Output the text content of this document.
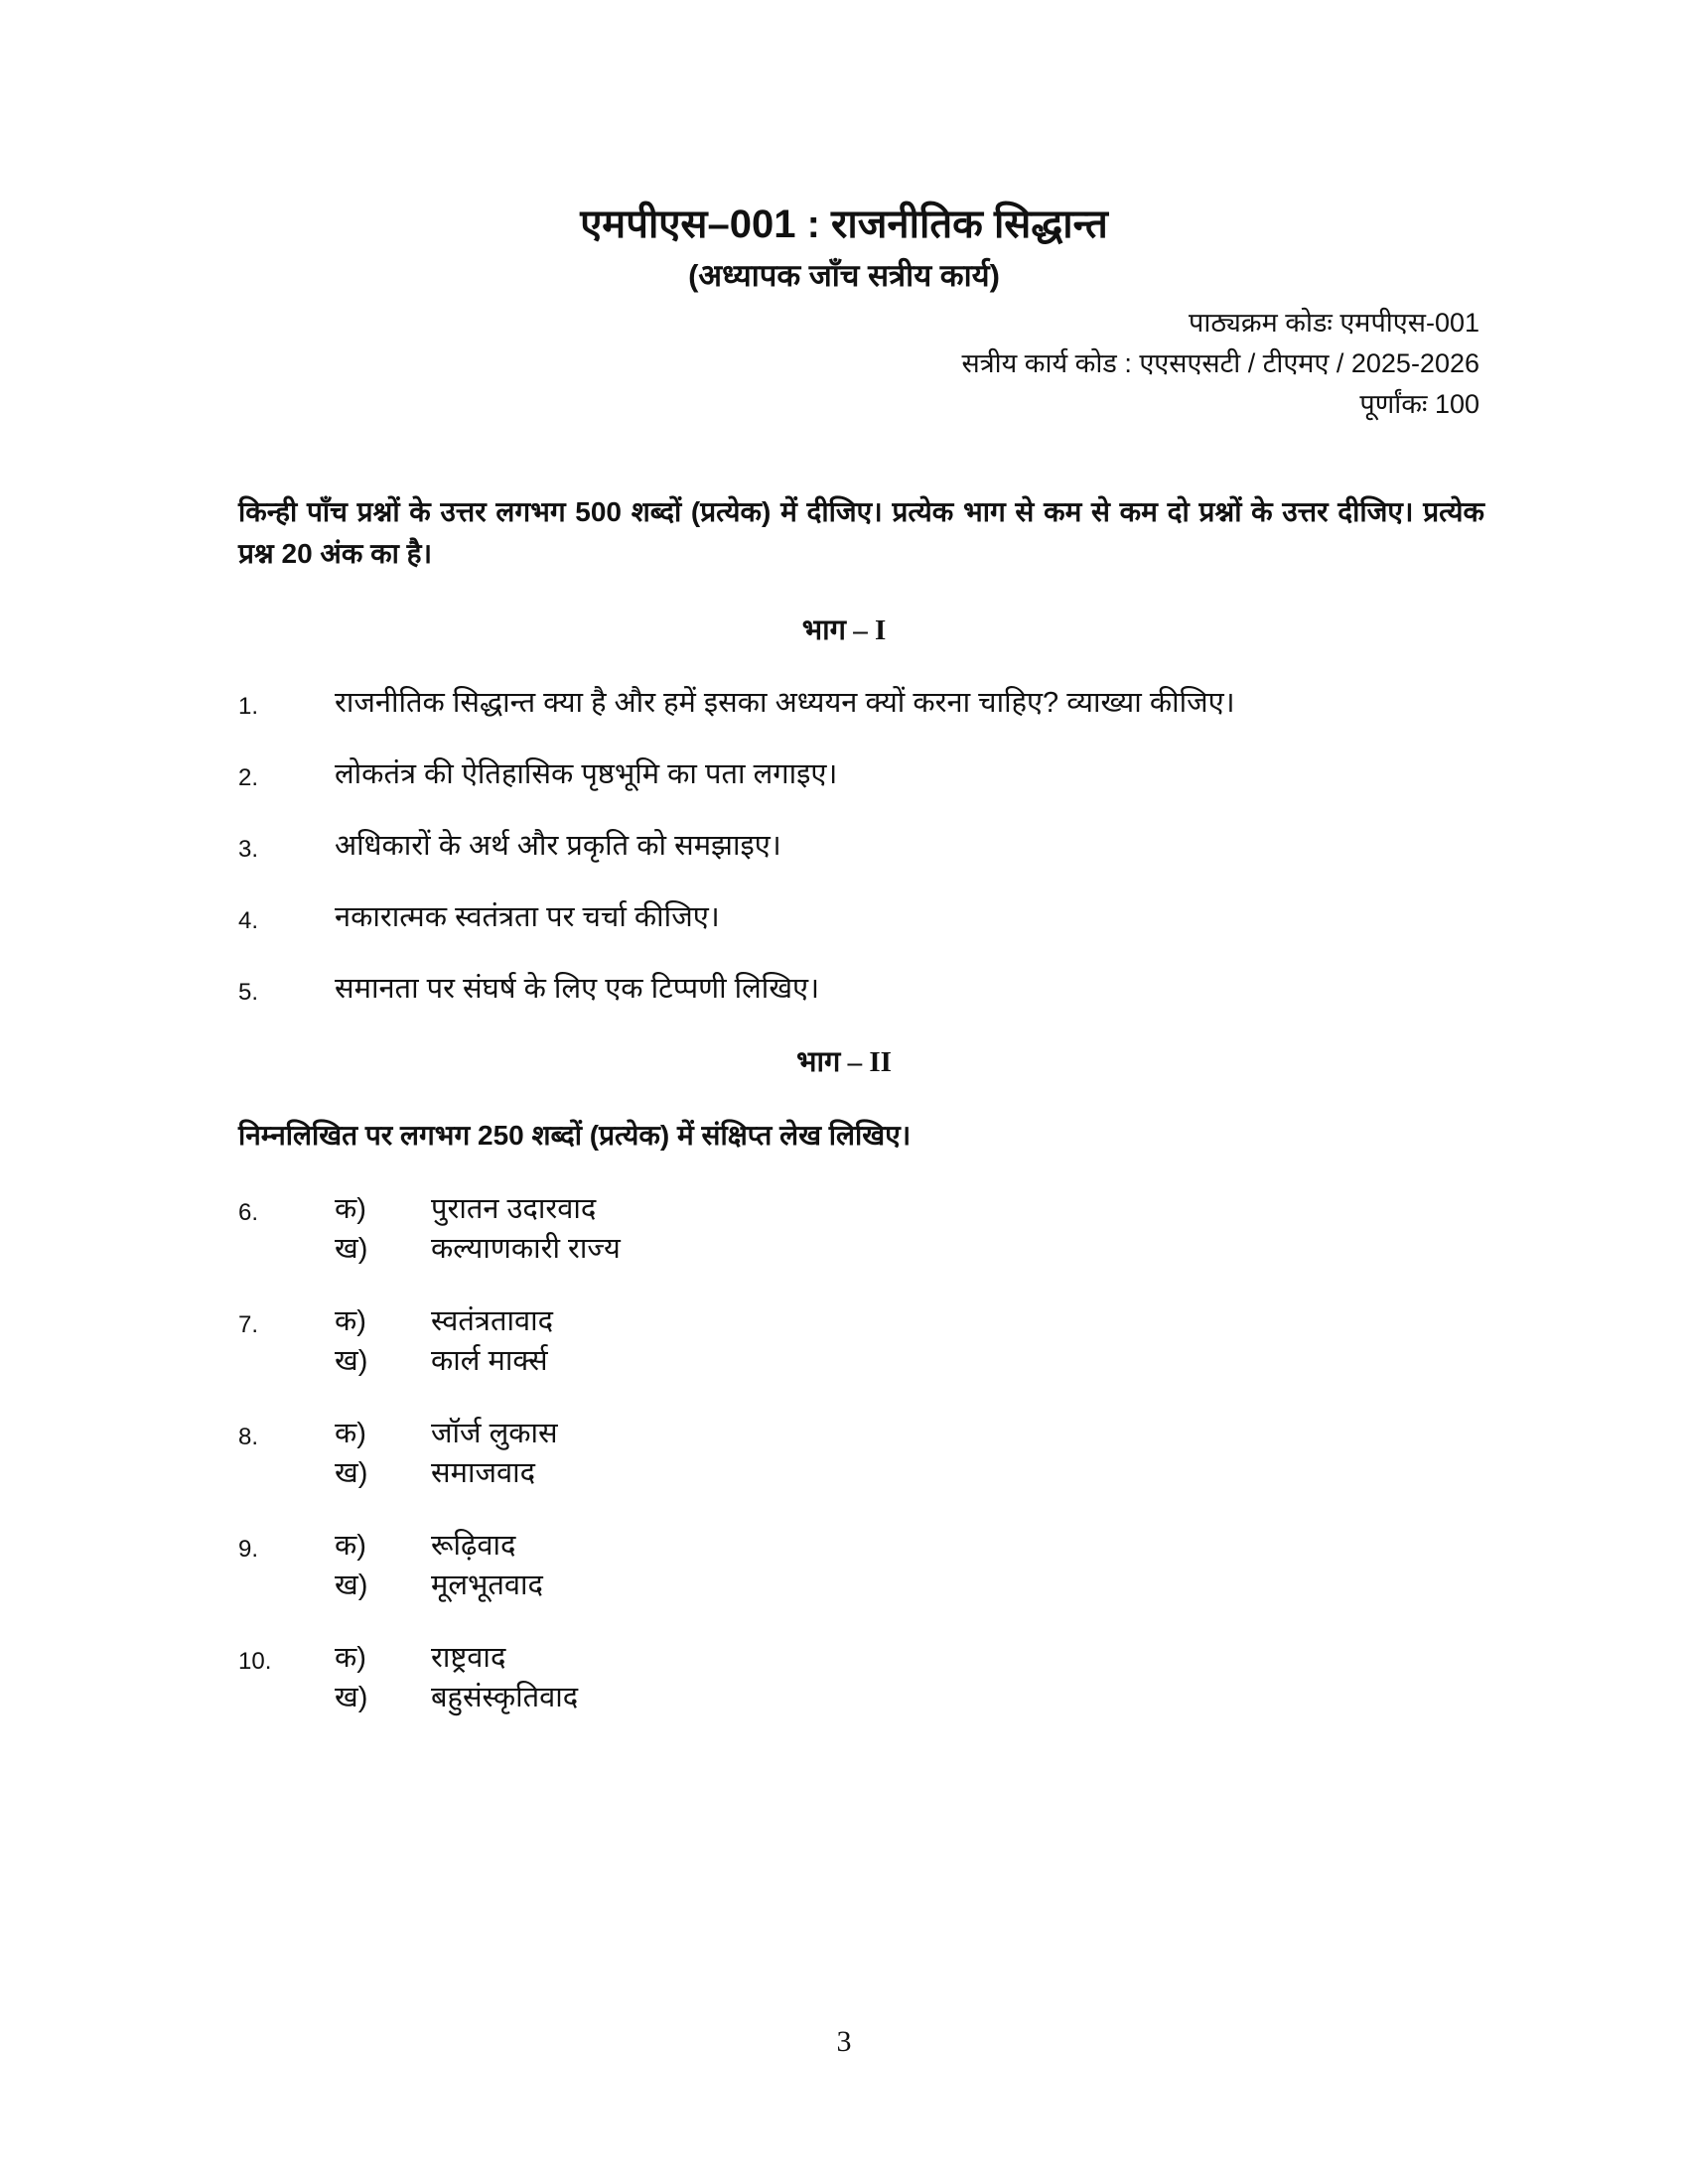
एमपीएस–001 : राजनीतिक सिद्धान्त
(अध्यापक जाँच सत्रीय कार्य)
पाठ्यक्रम कोडः एमपीएस-001
सत्रीय कार्य कोड : एएसएसटी / टीएमए / 2025-2026
पूर्णांकः 100
किन्ही पाँच प्रश्नों के उत्तर लगभग 500 शब्दों (प्रत्येक) में दीजिए। प्रत्येक भाग से कम से कम दो प्रश्नों के उत्तर दीजिए। प्रत्येक प्रश्न 20 अंक का है।
भाग – I
1.	राजनीतिक सिद्धान्त क्या है और हमें इसका अध्ययन क्यों करना चाहिए? व्याख्या कीजिए।
2.	लोकतंत्र की ऐतिहासिक पृष्ठभूमि का पता लगाइए।
3.	अधिकारों के अर्थ और प्रकृति को समझाइए।
4.	नकारात्मक स्वतंत्रता पर चर्चा कीजिए।
5.	समानता पर संघर्ष के लिए एक टिप्पणी लिखिए।
भाग – II
निम्नलिखित पर लगभग 250 शब्दों (प्रत्येक) में संक्षिप्त लेख लिखिए।
6.	क) पुरातन उदारवाद
ख) कल्याणकारी राज्य
7.	क) स्वतंत्रतावाद
ख) कार्ल मार्क्स
8.	क) जॉर्ज लुकास
ख) समाजवाद
9.	क) रूढ़िवाद
ख) मूलभूतवाद
10. क) राष्ट्रवाद
ख) बहुसंस्कृतिवाद
3
